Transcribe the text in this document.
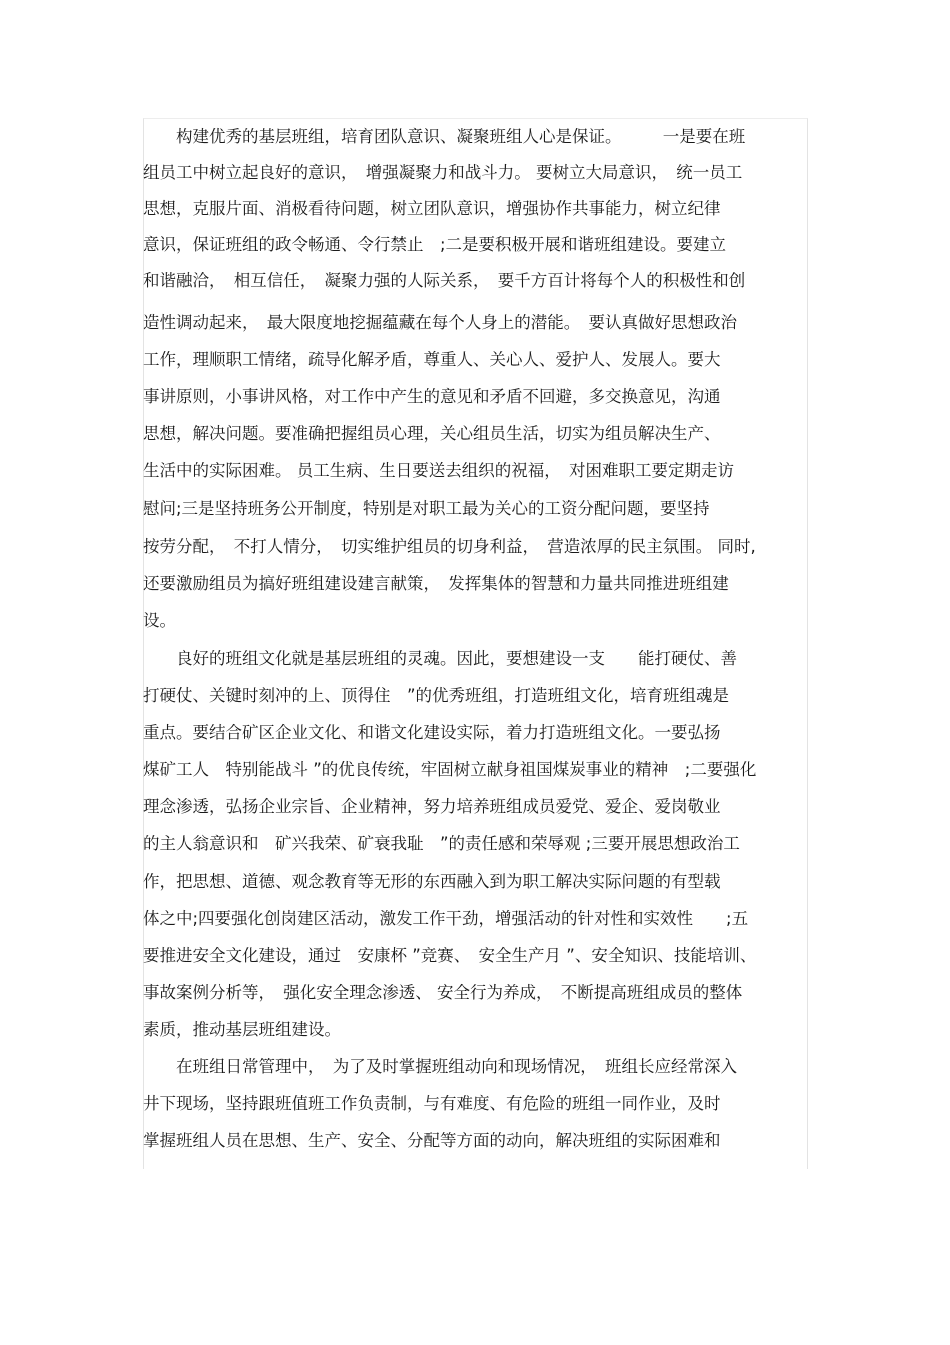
　　构建优秀的基层班组，培育团队意识、凝聚班组人心是保证。　　　一是要在班
组员工中树立起良好的意识，　增强凝聚力和战斗力。 要树立大局意识，　统一员工
思想，克服片面、消极看待问题，树立团队意识，增强协作共事能力，树立纪律
意识，保证班组的政令畅通、令行禁止　;二是要积极开展和谐班组建设。要建立
和谐融洽，　相互信任，　凝聚力强的人际关系，　要千方百计将每个人的积极性和创
造性调动起来，　最大限度地挖掘蕴藏在每个人身上的潜能。　要认真做好思想政治
工作，理顺职工情绪，疏导化解矛盾，尊重人、关心人、爱护人、发展人。要大
事讲原则，小事讲风格，对工作中产生的意见和矛盾不回避，多交换意见，沟通
思想，解决问题。要准确把握组员心理，关心组员生活，切实为组员解决生产、
生活中的实际困难。 员工生病、生日要送去组织的祝福，　对困难职工要定期走访
慰问;三是坚持班务公开制度，特别是对职工最为关心的工资分配问题，要坚持
按劳分配，　不打人情分，　切实维护组员的切身利益，　营造浓厚的民主氛围。 同时,
还要激励组员为搞好班组建设建言献策，　发挥集体的智慧和力量共同推进班组建
设。
　　良好的班组文化就是基层班组的灵魂。因此，要想建设一支　　能打硬仗、善
打硬仗、关键时刻冲的上、顶得住　”的优秀班组，打造班组文化，培育班组魂是
重点。要结合矿区企业文化、和谐文化建设实际，着力打造班组文化。一要弘扬
煤矿工人　特别能战斗 ”的优良传统，牢固树立献身祖国煤炭事业的精神　;二要强化
理念渗透，弘扬企业宗旨、企业精神，努力培养班组成员爱党、爱企、爱岗敬业
的主人翁意识和　矿兴我荣、矿衰我耻　”的责任感和荣辱观 ;三要开展思想政治工
作，把思想、道德、观念教育等无形的东西融入到为职工解决实际问题的有型载
体之中;四要强化创岗建区活动，激发工作干劲，增强活动的针对性和实效性　　;五
要推进安全文化建设，通过　安康杯 ”竞赛、　安全生产月 ”、安全知识、技能培训、
事故案例分析等，　强化安全理念渗透、 安全行为养成，　不断提高班组成员的整体
素质，推动基层班组建设。
　　在班组日常管理中，　为了及时掌握班组动向和现场情况，　班组长应经常深入
井下现场，坚持跟班值班工作负责制，与有难度、有危险的班组一同作业，及时
掌握班组人员在思想、生产、安全、分配等方面的动向，解决班组的实际困难和
